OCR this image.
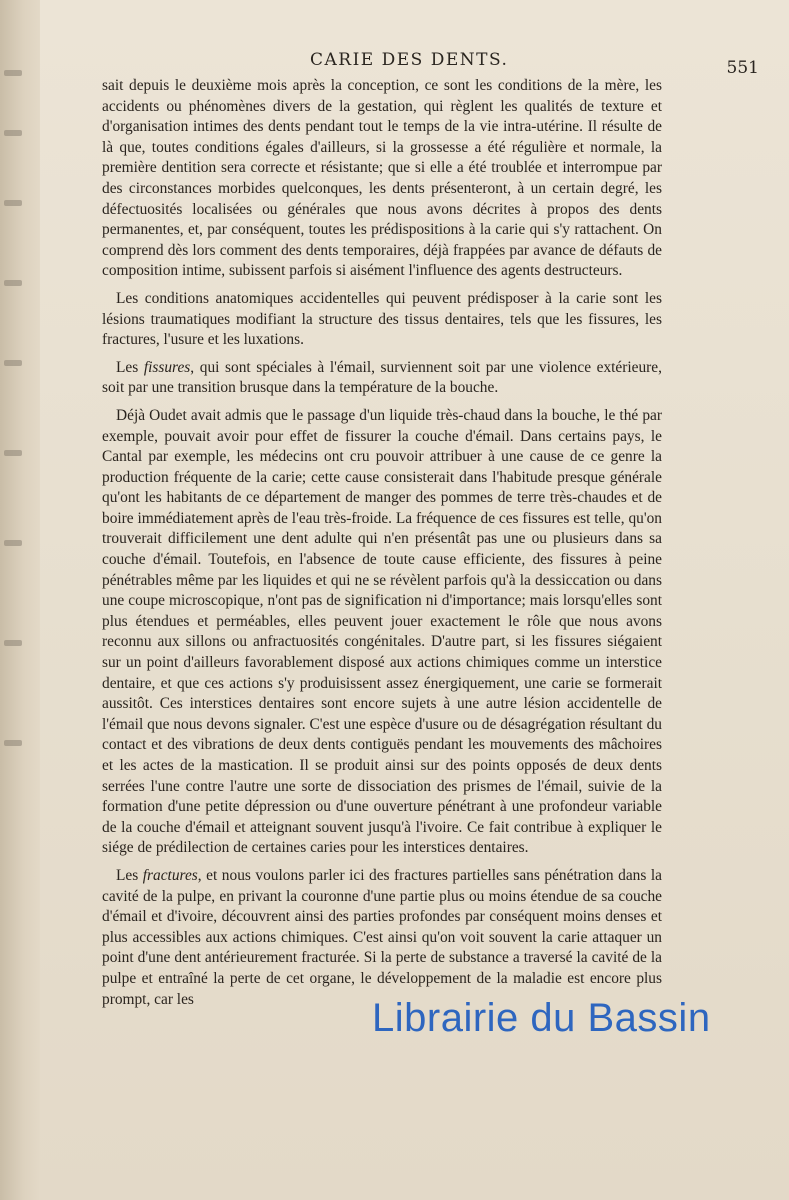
CARIE DES DENTS.	551

sait depuis le deuxième mois après la conception, ce sont les conditions de la mère, les accidents ou phénomènes divers de la gestation, qui règlent les qualités de texture et d'organisation intimes des dents pendant tout le temps de la vie intra-utérine. Il résulte de là que, toutes conditions égales d'ailleurs, si la grossesse a été régulière et normale, la première dentition sera correcte et résistante; que si elle a été troublée et interrompue par des circonstances morbides quelconques, les dents présenteront, à un certain degré, les défectuosités localisées ou générales que nous avons décrites à propos des dents permanentes, et, par conséquent, toutes les prédispositions à la carie qui s'y rattachent. On comprend dès lors comment des dents temporaires, déjà frappées par avance de défauts de composition intime, subissent parfois si aisément l'influence des agents destructeurs.

Les conditions anatomiques accidentelles qui peuvent prédisposer à la carie sont les lésions traumatiques modifiant la structure des tissus dentaires, tels que les fissures, les fractures, l'usure et les luxations.

Les fissures, qui sont spéciales à l'émail, surviennent soit par une violence extérieure, soit par une transition brusque dans la température de la bouche.

Déjà Oudet avait admis que le passage d'un liquide très-chaud dans la bouche, le thé par exemple, pouvait avoir pour effet de fissurer la couche d'émail. Dans certains pays, le Cantal par exemple, les médecins ont cru pouvoir attribuer à une cause de ce genre la production fréquente de la carie; cette cause consisterait dans l'habitude presque générale qu'ont les habitants de ce département de manger des pommes de terre très-chaudes et de boire immédiatement après de l'eau très-froide. La fréquence de ces fissures est telle, qu'on trouverait difficilement une dent adulte qui n'en présentât pas une ou plusieurs dans sa couche d'émail. Toutefois, en l'absence de toute cause efficiente, des fissures à peine pénétrables même par les liquides et qui ne se révèlent parfois qu'à la dessiccation ou dans une coupe microscopique, n'ont pas de signification ni d'importance; mais lorsqu'elles sont plus étendues et perméables, elles peuvent jouer exactement le rôle que nous avons reconnu aux sillons ou anfractuosités congénitales. D'autre part, si les fissures siégaient sur un point d'ailleurs favorablement disposé aux actions chimiques comme un interstice dentaire, et que ces actions s'y produisissent assez énergiquement, une carie se formerait aussitôt. Ces interstices dentaires sont encore sujets à une autre lésion accidentelle de l'émail que nous devons signaler. C'est une espèce d'usure ou de désagrégation résultant du contact et des vibrations de deux dents contiguës pendant les mouvements des mâchoires et les actes de la mastication. Il se produit ainsi sur des points opposés de deux dents serrées l'une contre l'autre une sorte de dissociation des prismes de l'émail, suivie de la formation d'une petite dépression ou d'une ouverture pénétrant à une profondeur variable de la couche d'émail et atteignant souvent jusqu'à l'ivoire. Ce fait contribue à expliquer le siége de prédilection de certaines caries pour les interstices dentaires.

Les fractures, et nous voulons parler ici des fractures partielles sans pénétration dans la cavité de la pulpe, en privant la couronne d'une partie plus ou moins étendue de sa couche d'émail et d'ivoire, découvrent ainsi des parties profondes par conséquent moins denses et plus accessibles aux actions chimiques. C'est ainsi qu'on voit souvent la carie attaquer un point d'une dent antérieurement fracturée. Si la perte de substance a traversé la cavité de la pulpe et entraîné la perte de cet organe, le développement de la maladie est encore plus prompt, car les	Librairie du Bassin
